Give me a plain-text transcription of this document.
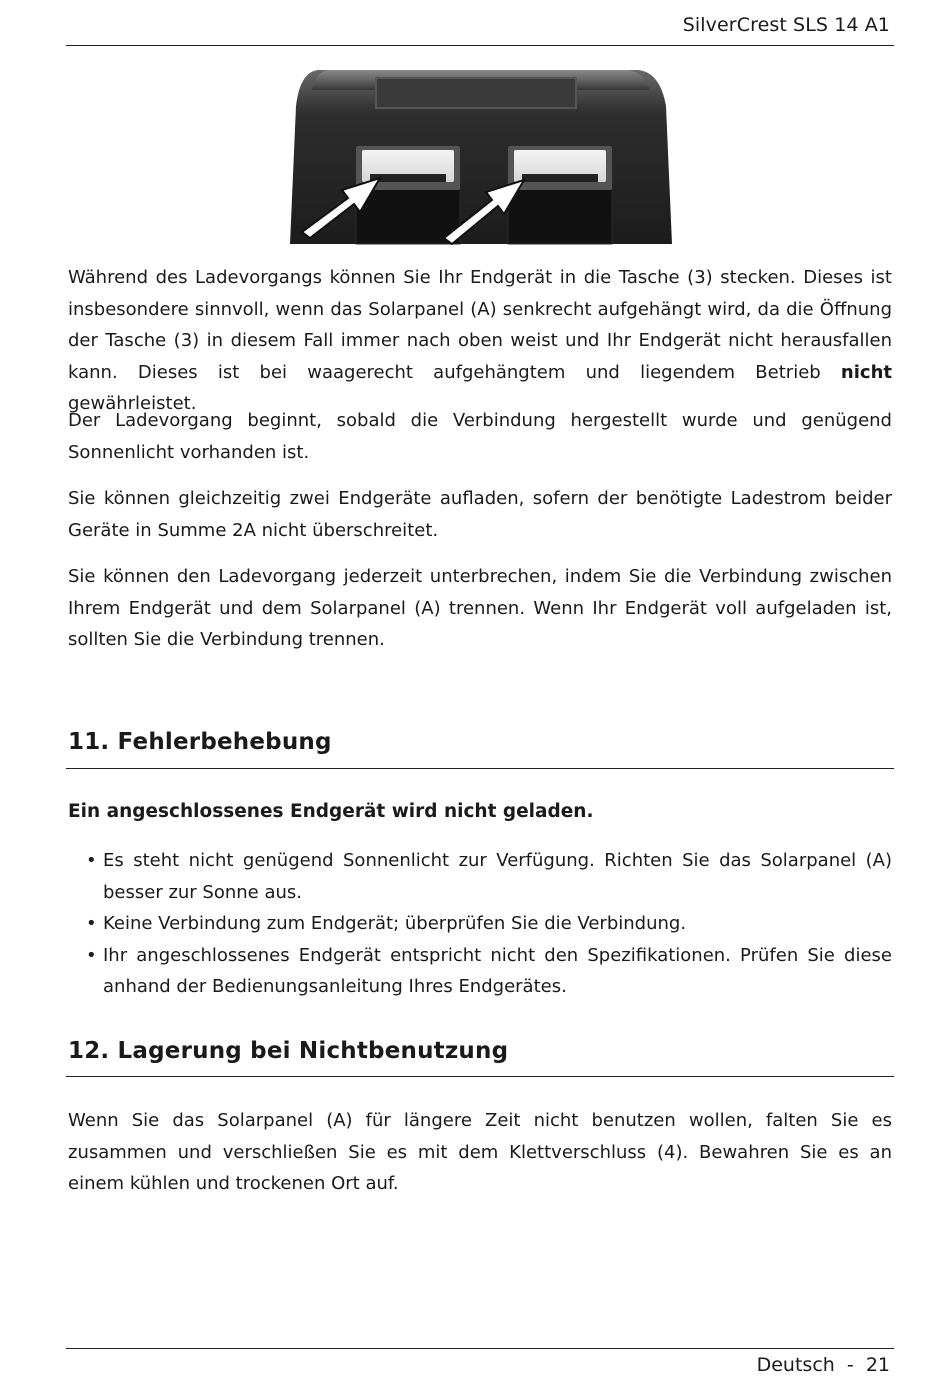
SilverCrest SLS 14 A1

Während des Ladevorgangs können Sie Ihr Endgerät in die Tasche (3) stecken. Dieses ist insbesondere sinnvoll, wenn das Solarpanel (A) senkrecht aufgehängt wird, da die Öffnung der Tasche (3) in diesem Fall immer nach oben weist und Ihr Endgerät nicht herausfallen kann. Dieses ist bei waagerecht aufgehängtem und liegendem Betrieb nicht gewährleistet.

Der Ladevorgang beginnt, sobald die Verbindung hergestellt wurde und genügend Sonnenlicht vorhanden ist.

Sie können gleichzeitig zwei Endgeräte aufladen, sofern der benötigte Ladestrom beider Geräte in Summe 2A nicht überschreitet.

Sie können den Ladevorgang jederzeit unterbrechen, indem Sie die Verbindung zwischen Ihrem Endgerät und dem Solarpanel (A) trennen. Wenn Ihr Endgerät voll aufgeladen ist, sollten Sie die Verbindung trennen.

11. Fehlerbehebung
Ein angeschlossenes Endgerät wird nicht geladen.
• Es steht nicht genügend Sonnenlicht zur Verfügung. Richten Sie das Solarpanel (A) besser zur Sonne aus.
• Keine Verbindung zum Endgerät; überprüfen Sie die Verbindung.
• Ihr angeschlossenes Endgerät entspricht nicht den Spezifikationen. Prüfen Sie diese anhand der Bedienungsanleitung Ihres Endgerätes.
12. Lagerung bei Nichtbenutzung

Wenn Sie das Solarpanel (A) für längere Zeit nicht benutzen wollen, falten Sie es zusammen und verschließen Sie es mit dem Klettverschluss (4). Bewahren Sie es an einem kühlen und trockenen Ort auf.

Deutsch  -  21
